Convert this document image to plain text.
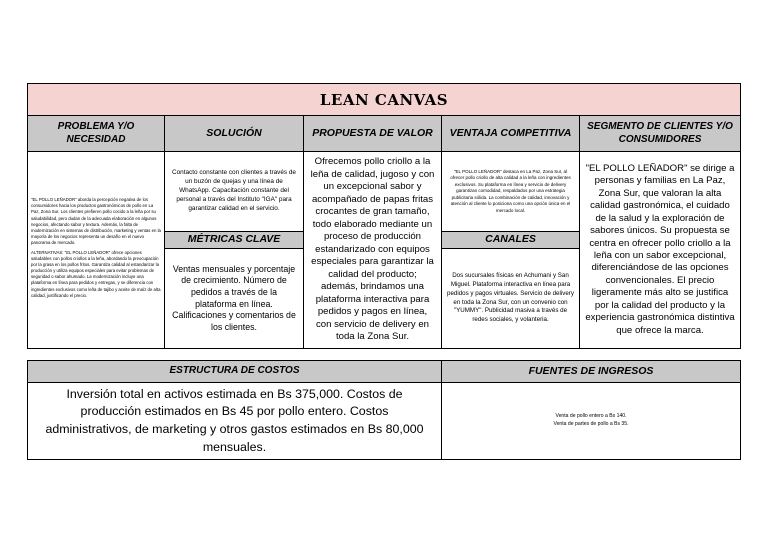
LEAN CANVAS
PROBLEMA Y/O NECESIDAD
SOLUCIÓN	PROPUESTA DE VALOR VENTAJA COMPETITIVA
SEGMENTO DE CLIENTES Y/O CONSUMIDORES

"EL POLLO LEÑADOR" aborda la percepción negativa de los consumidores hacia los productos gastronómicos de pollo en La Paz, Zona Sur. Los clientes prefieren pollo cocido a la leña por su saludabilidad, pero dudan de la adecuada elaboración en algunos negocios, afectando sabor y textura. Además, la falta de modernización en sistemas de distribución, marketing y ventas en la mayoría de los negocios representa un desafío en el nuevo panorama de mercado.

ALTERNATIVAS: "EL POLLO LEÑADOR" ofrece opciones saludables con pollos criollos a la leña, abordando la preocupación por la grasa en los pollos fritos. Garantiza calidad al estandarizar la producción y utiliza equipos especiales para evitar problemas de seguridad o sabor ahumado. La modernización incluye una plataforma en línea para pedidos y entregas, y se diferencia con ingredientes exclusivos como leña de tajibo y aceite de maíz de alta calidad, justificando el precio.

Contacto constante con clientes a través de un buzón de quejas y una línea de WhatsApp. Capacitación constante del personal a través del Instituto "IGA" para garantizar calidad en el servicio.
MÉTRICAS CLAVE
Ventas mensuales y porcentaje de crecimiento. Número de pedidos a través de la plataforma en línea. Calificaciones y comentarios de los clientes.
Ofrecemos pollo criollo a la leña de calidad, jugoso y con un excepcional sabor y acompañado de papas fritas crocantes de gran tamaño, todo elaborado mediante un proceso de producción estandarizado con equipos especiales para garantizar la calidad del producto; además, brindamos una plataforma interactiva para pedidos y pagos en línea, con servicio de delivery en toda la Zona Sur.
"EL POLLO LEÑADOR" destaca en La Paz, Zona Sur, al ofrecer pollo criollo de alta calidad a la leña con ingredientes exclusivos. Su plataforma en línea y servicio de delivery garantizan comodidad, respaldados por una estrategia publicitaria sólida. La combinación de calidad, innovación y atención al cliente lo posiciona como una opción única en el mercado local.
CANALES
Dos sucursales físicas en Achumani y San Miguel. Plataforma interactiva en línea para pedidos y pagos virtuales. Servicio de delivery en toda la Zona Sur, con un convenio con "YUMMY". Publicidad masiva a través de redes sociales, y volanteria.
"EL POLLO LEÑADOR" se dirige a personas y familias en La Paz, Zona Sur, que valoran la alta calidad gastronómica, el cuidado de la salud y la exploración de sabores únicos. Su propuesta se centra en ofrecer pollo criollo a la leña con un sabor excepcional, diferenciándose de las opciones convencionales. El precio ligeramente más alto se justifica por la calidad del producto y la experiencia gastronómica distintiva que ofrece la marca.
ESTRUCTURA DE COSTOS	FUENTES DE INGRESOS
Inversión total en activos estimada en Bs 375,000. Costos de producción estimados en Bs 45 por pollo entero. Costos administrativos, de marketing y otros gastos estimados en Bs 80,000 mensuales.
Venta de pollo entero a Bs 140.
Venta de partes de pollo a Bs 35.
